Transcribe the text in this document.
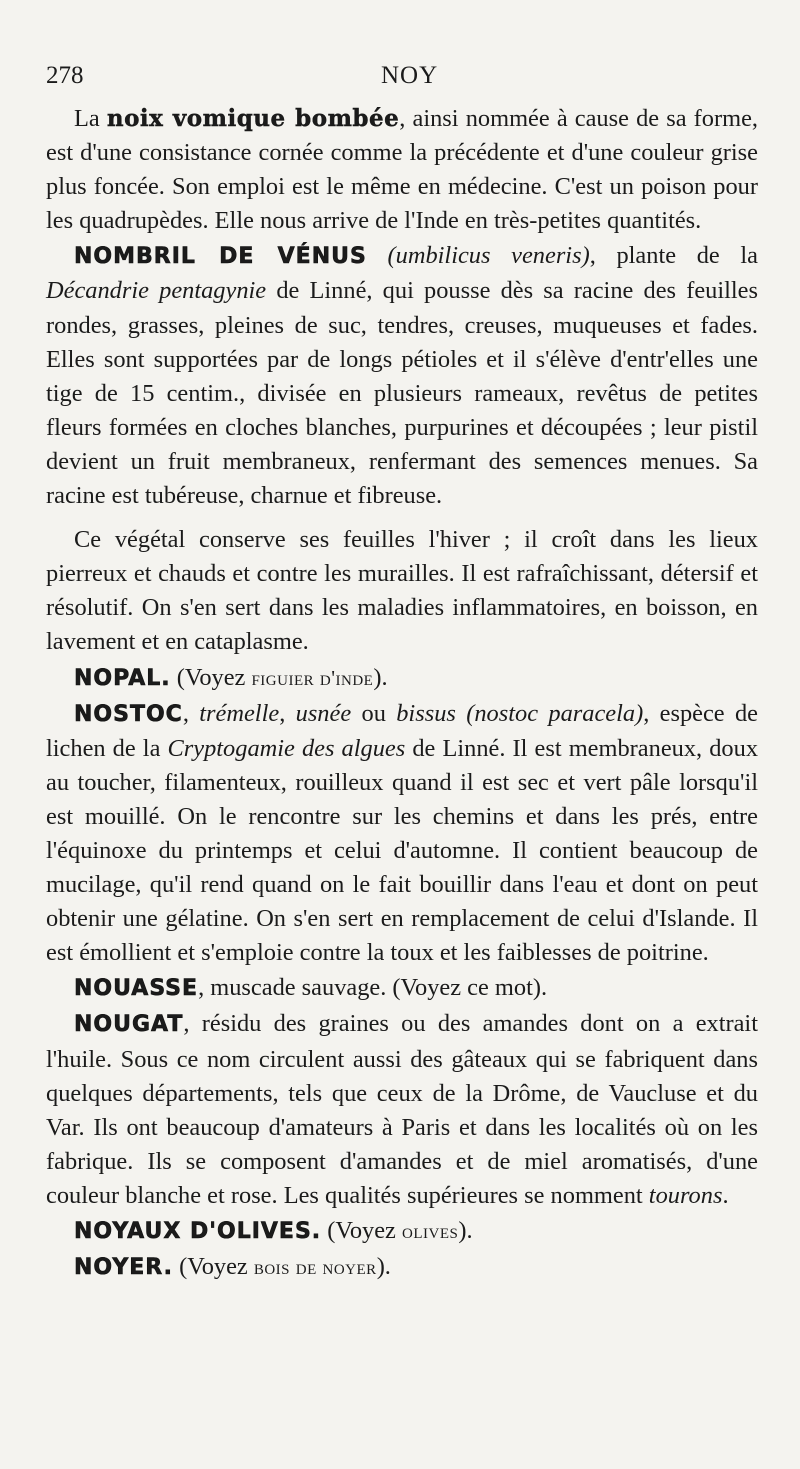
278	NOY

La noix vomique bombée, ainsi nommée à cause de sa forme, est d'une consistance cornée comme la précédente et d'une couleur grise plus foncée. Son emploi est le même en médecine. C'est un poison pour les quadrupèdes. Elle nous arrive de l'Inde en très-petites quantités.

NOMBRIL DE VÉNUS (umbilicus veneris), plante de la Décandrie pentagynie de Linné, qui pousse dès sa racine des feuilles rondes, grasses, pleines de suc, tendres, creuses, muqueuses et fades. Elles sont supportées par de longs pétioles et il s'élève d'entr'elles une tige de 15 centim., divisée en plusieurs rameaux, revêtus de petites fleurs formées en cloches blanches, purpurines et découpées ; leur pistil devient un fruit membraneux, renfermant des semences menues. Sa racine est tubéreuse, charnue et fibreuse.

Ce végétal conserve ses feuilles l'hiver ; il croît dans les lieux pierreux et chauds et contre les murailles. Il est rafraîchissant, détersif et résolutif. On s'en sert dans les maladies inflammatoires, en boisson, en lavement et en cataplasme.

NOPAL. (Voyez figuier d'inde).

NOSTOC, trémelle, usnée ou bissus (nostoc paracela), espèce de lichen de la Cryptogamie des algues de Linné. Il est membraneux, doux au toucher, filamenteux, rouilleux quand il est sec et vert pâle lorsqu'il est mouillé. On le rencontre sur les chemins et dans les prés, entre l'équinoxe du printemps et celui d'automne. Il contient beaucoup de mucilage, qu'il rend quand on le fait bouillir dans l'eau et dont on peut obtenir une gélatine. On s'en sert en remplacement de celui d'Islande. Il est émollient et s'emploie contre la toux et les faiblesses de poitrine.

NOUASSE, muscade sauvage. (Voyez ce mot).

NOUGAT, résidu des graines ou des amandes dont on a extrait l'huile. Sous ce nom circulent aussi des gâteaux qui se fabriquent dans quelques départements, tels que ceux de la Drôme, de Vaucluse et du Var. Ils ont beaucoup d'amateurs à Paris et dans les localités où on les fabrique. Ils se composent d'amandes et de miel aromatisés, d'une couleur blanche et rose. Les qualités supérieures se nomment tourons.

NOYAUX D'OLIVES. (Voyez olives).

NOYER. (Voyez bois de noyer).
